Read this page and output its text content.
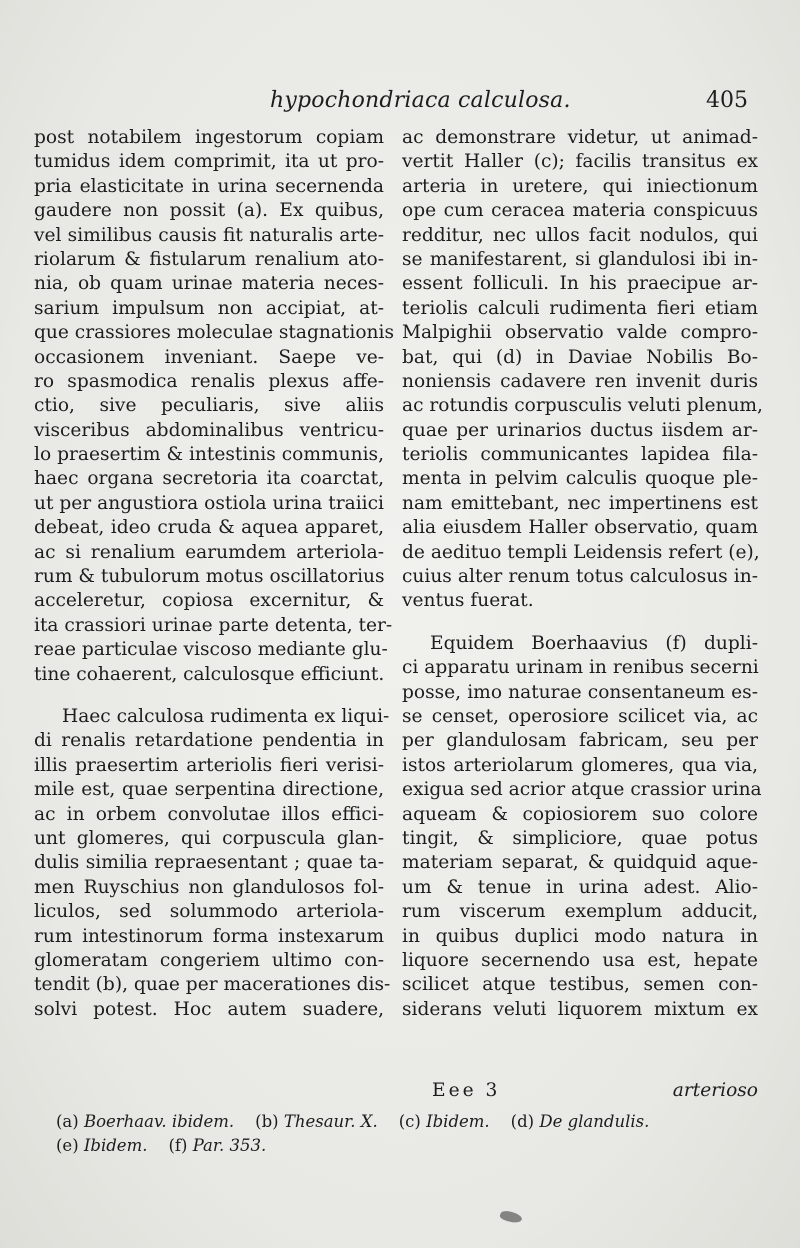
hypochondriaca calculosa.	405
post notabilem ingestorum copiam
tumidus idem comprimit, ita ut pro-
pria elasticitate in urina secernenda
gaudere non possit (a). Ex quibus,
vel similibus causis fit naturalis arte-
riolarum & fistularum renalium ato-
nia, ob quam urinae materia neces-
sarium impulsum non accipiat, at-
que crassiores moleculae stagnationis
occasionem inveniant. Saepe ve-
ro spasmodica renalis plexus affe-
ctio, sive peculiaris, sive aliis
visceribus abdominalibus ventricu-
lo praesertim & intestinis communis,
haec organa secretoria ita coarctat,
ut per angustiora ostiola urina traiici
debeat, ideo cruda & aquea apparet,
ac si renalium earumdem arteriola-
rum & tubulorum motus oscillatorius
acceleretur, copiosa excernitur, &
ita crassiori urinae parte detenta, ter-
reae particulae viscoso mediante glu-
tine cohaerent, calculosque efficiunt.
Haec calculosa rudimenta ex liqui-
di renalis retardatione pendentia in
illis praesertim arteriolis fieri verisi-
mile est, quae serpentina directione,
ac in orbem convolutae illos effici-
unt glomeres, qui corpuscula glan-
dulis similia repraesentant ; quae ta-
men Ruyschius non glandulosos fol-
liculos, sed solummodo arteriola-
rum intestinorum forma instexarum
glomeratam congeriem ultimo con-
tendit (b), quae per macerationes dis-
solvi potest. Hoc autem suadere,
ac demonstrare videtur, ut animad-
vertit Haller (c); facilis transitus ex
arteria in uretere, qui iniectionum
ope cum ceracea materia conspicuus
redditur, nec ullos facit nodulos, qui
se manifestarent, si glandulosi ibi in-
essent folliculi. In his praecipue ar-
teriolis calculi rudimenta fieri etiam
Malpighii observatio valde compro-
bat, qui (d) in Daviae Nobilis Bo-
noniensis cadavere ren invenit duris
ac rotundis corpusculis veluti plenum,
quae per urinarios ductus iisdem ar-
teriolis communicantes lapidea fila-
menta in pelvim calculis quoque ple-
nam emittebant, nec impertinens est
alia eiusdem Haller observatio, quam
de aedituo templi Leidensis refert (e),
cuius alter renum totus calculosus in-
ventus fuerat.
Equidem Boerhaavius (f) dupli-
ci apparatu urinam in renibus secerni
posse, imo naturae consentaneum es-
se censet, operosiore scilicet via, ac
per glandulosam fabricam, seu per
istos arteriolarum glomeres, qua via,
exigua sed acrior atque crassior urina
aqueam & copiosiorem suo colore
tingit, & simpliciore, quae potus
materiam separat, & quidquid aque-
um & tenue in urina adest. Alio-
rum viscerum exemplum adducit,
in quibus duplici modo natura in
liquore secernendo usa est, hepate
scilicet atque testibus, semen con-
siderans veluti liquorem mixtum ex
Eee 3	arterioso
(a) Boerhaav. ibidem. (b) Thesaur. X. (c) Ibidem. (d) De glandulis.
(e) Ibidem. (f) Par. 353.
